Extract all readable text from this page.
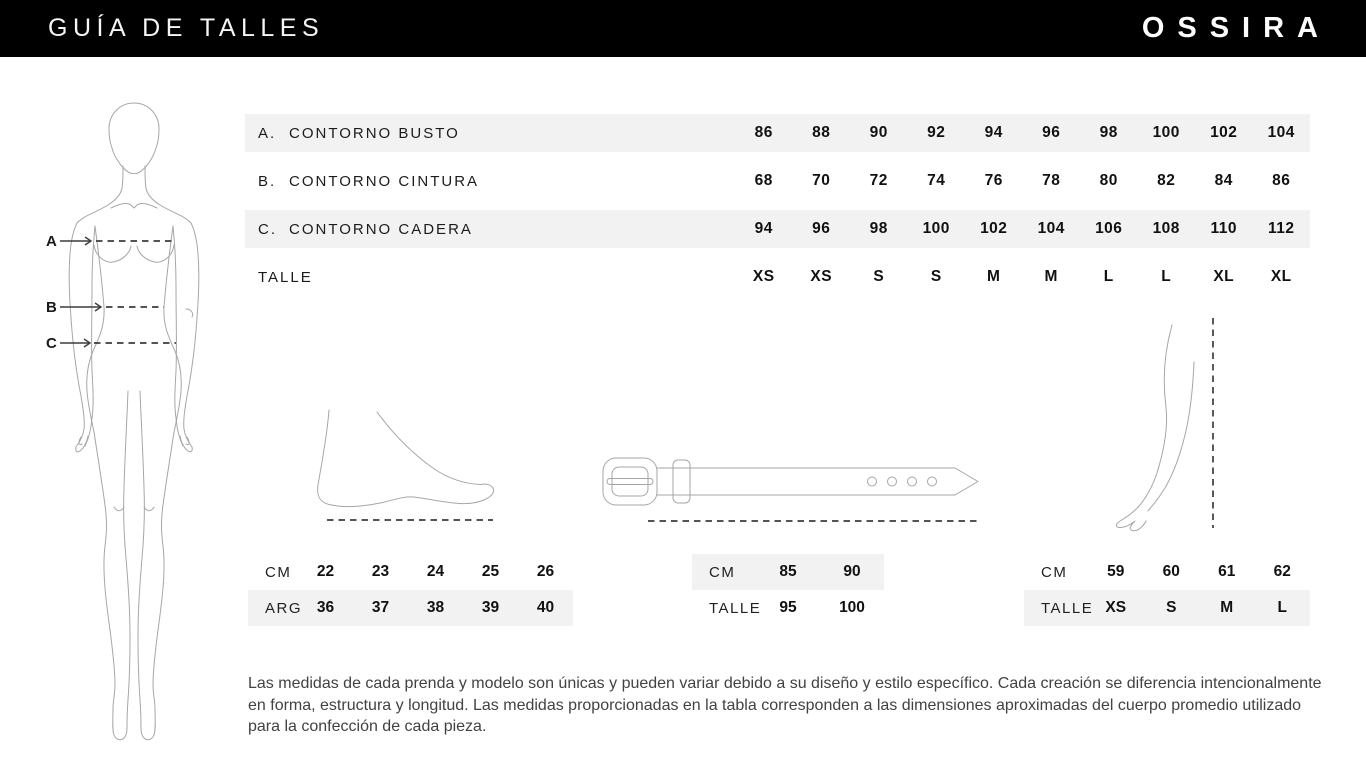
GUÍA DE TALLES	OSSIRA
A
B
C
A. CONTORNO BUSTO	86	88	90	92	94	96	98	100	102	104
B. CONTORNO CINTURA	68	70	72	74	76	78	80	82	84	86
C. CONTORNO CADERA	94	96	98	100	102	104	106	108	110	112
TALLE	XS	XS	S	S	M	M	L	L	XL	XL
CM	22	23	24	25	26
ARG 36	37	38	39	40
CM	85	90
TALLE	95	100
CM	59	60	61	62
TALLE XS	S	M	L

Las medidas de cada prenda y modelo son únicas y pueden variar debido a su diseño y estilo específico. Cada creación se diferencia intencionalmente en forma, estructura y longitud. Las medidas proporcionadas en la tabla corresponden a las dimensiones aproximadas del cuerpo promedio utilizado para la confección de cada pieza.
